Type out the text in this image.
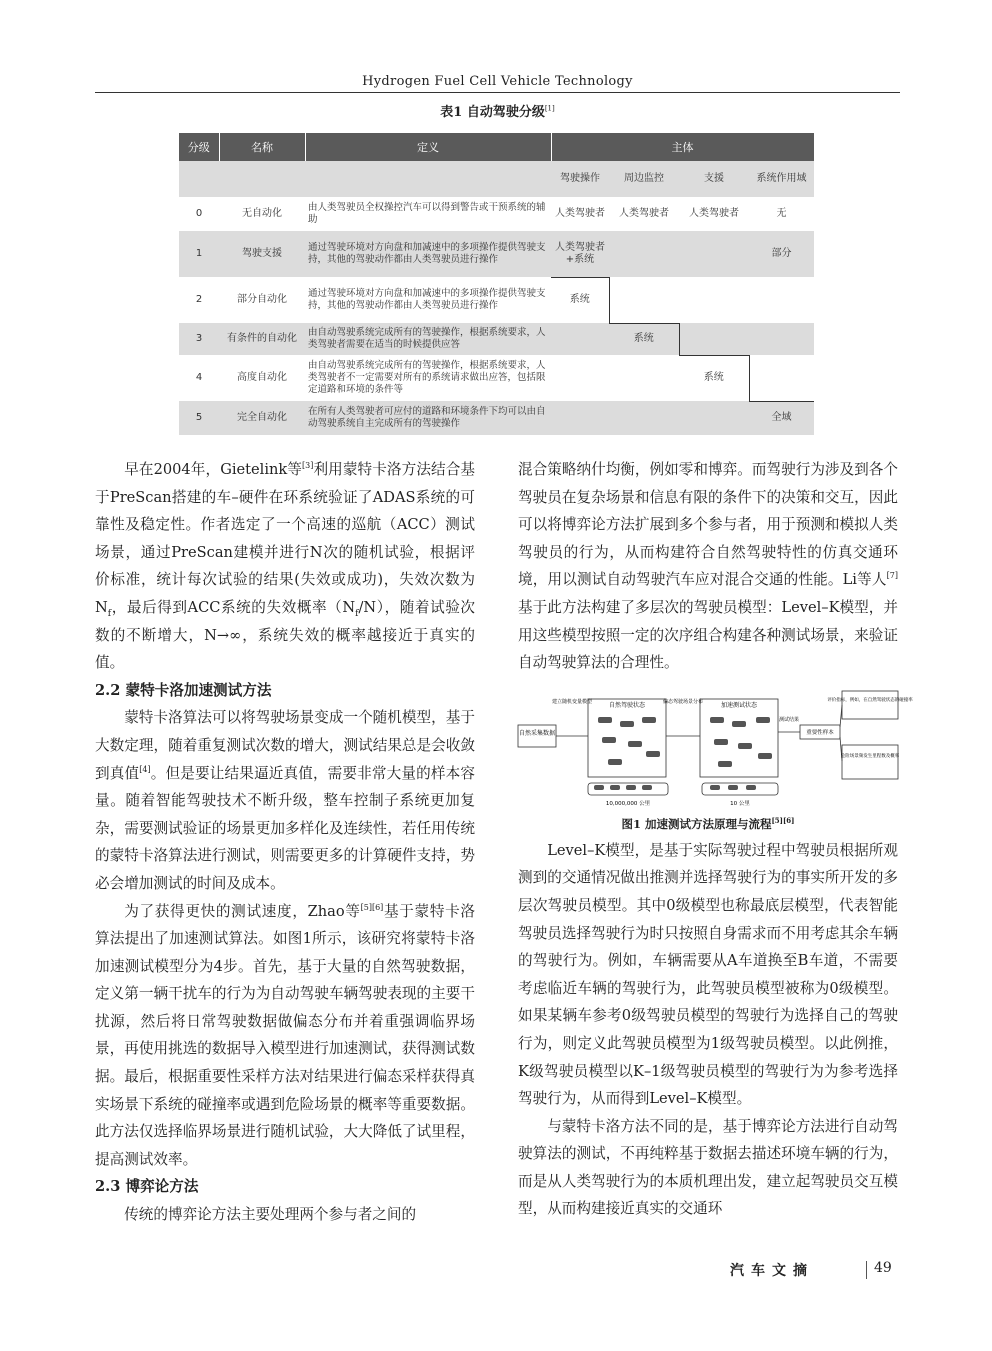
Hydrogen Fuel Cell Vehicle Technology
表1 自动驾驶分级[1]
分级	名称	定义	主体			
			驾驶操作	周边监控	支援	系统作用域
0	无自动化	由人类驾驶员全权操控汽车可以得到警告或干预系统的辅助	人类驾驶者	人类驾驶者	人类驾驶者	无
1	驾驶支援	通过驾驶环境对方向盘和加减速中的多项操作提供驾驶支持，其他的驾驶动作都由人类驾驶员进行操作	人类驾驶者+系统			部分
2	部分自动化	通过驾驶环境对方向盘和加减速中的多项操作提供驾驶支持，其他的驾驶动作都由人类驾驶员进行操作	系统			
3	有条件的自动化	由自动驾驶系统完成所有的驾驶操作，根据系统要求，人类驾驶者需要在适当的时候提供应答		系统		
4	高度自动化	由自动驾驶系统完成所有的驾驶操作，根据系统要求，人类驾驶者不一定需要对所有的系统请求做出应答，包括限定道路和环境的条件等			系统	
5	完全自动化	在所有人类驾驶者可应付的道路和环境条件下均可以由自动驾驶系统自主完成所有的驾驶操作				全域

早在2004年，Gietelink等[3]利用蒙特卡洛方法结合基于PreScan搭建的车–硬件在环系统验证了ADAS系统的可靠性及稳定性。作者选定了一个高速的巡航（ACC）测试场景，通过PreScan建模并进行N次的随机试验，根据评价标准，统计每次试验的结果(失效或成功)，失效次数为$N_f$，最后得到ACC系统的失效概率$(N_f/N)$，随着试验次数的不断增大，N→∞，系统失效的概率越接近于真实的值。

2.2 蒙特卡洛加速测试方法

蒙特卡洛算法可以将驾驶场景变成一个随机模型，基于大数定理，随着重复测试次数的增大，测试结果总是会收敛到真值[4]。但是要让结果逼近真值，需要非常大量的样本容量。随着智能驾驶技术不断升级，整车控制子系统更加复杂，需要测试验证的场景更加多样化及连续性，若任用传统的蒙特卡洛算法进行测试，则需要更多的计算硬件支持，势必会增加测试的时间及成本。

为了获得更快的测试速度，Zhao等[5][6]基于蒙特卡洛算法提出了加速测试算法。如图1所示，该研究将蒙特卡洛加速测试模型分为4步。首先，基于大量的自然驾驶数据，定义第一辆干扰车的行为为自动驾驶车辆驾驶表现的主要干扰源，然后将日常驾驶数据做偏态分布并着重强调临界场景，再使用挑选的数据导入模型进行加速测试，获得测试数据。最后，根据重要性采样方法对结果进行偏态采样获得真实场景下系统的碰撞率或遇到危险场景的概率等重要数据。此方法仅选择临界场景进行随机试验，大大降低了试里程，提高测试效率。

2.3 博弈论方法

传统的博弈论方法主要处理两个参与者之间的

混合策略纳什均衡，例如零和博弈。而驾驶行为涉及到各个驾驶员在复杂场景和信息有限的条件下的决策和交互，因此可以将博弈论方法扩展到多个参与者，用于预测和模拟人类驾驶员的行为，从而构建符合自然驾驶特性的仿真交通环境，用以测试自动驾驶汽车应对混合交通的性能。Li等人[7]基于此方法构建了多层次的驾驶员模型：Level–K模型，并用这些模型按照一定的次序组合构建各种测试场景，来验证自动驾驶算法的合理性。

自然采集数据
建立随机变量模型	自然驾驶状态	偏态驾驶场景分布	加速测试状态
测试结果
重要性样本
评价指标，例如，在自然驾驶状态的碰撞率
危险场景频发生里程数及概率
10,000,000 公里	10 公里
图1 加速测试方法原理与流程[5][6]

Level–K模型，是基于实际驾驶过程中驾驶员根据所观测到的交通情况做出推测并选择驾驶行为的事实所开发的多层次驾驶员模型。其中0级模型也称最底层模型，代表智能驾驶员选择驾驶行为时只按照自身需求而不用考虑其余车辆的驾驶行为。例如，车辆需要从A车道换至B车道，不需要考虑临近车辆的驾驶行为，此驾驶员模型被称为0级模型。如果某辆车参考0级驾驶员模型的驾驶行为选择自己的驾驶行为，则定义此驾驶员模型为1级驾驶员模型。以此例推，K级驾驶员模型以K–1级驾驶员模型的驾驶行为为参考选择驾驶行为，从而得到Level–K模型。

与蒙特卡洛方法不同的是，基于博弈论方法进行自动驾驶算法的测试，不再纯粹基于数据去描述环境车辆的行为，而是从人类驾驶行为的本质机理出发，建立起驾驶员交互模型，从而构建接近真实的交通环

汽车文摘	49
